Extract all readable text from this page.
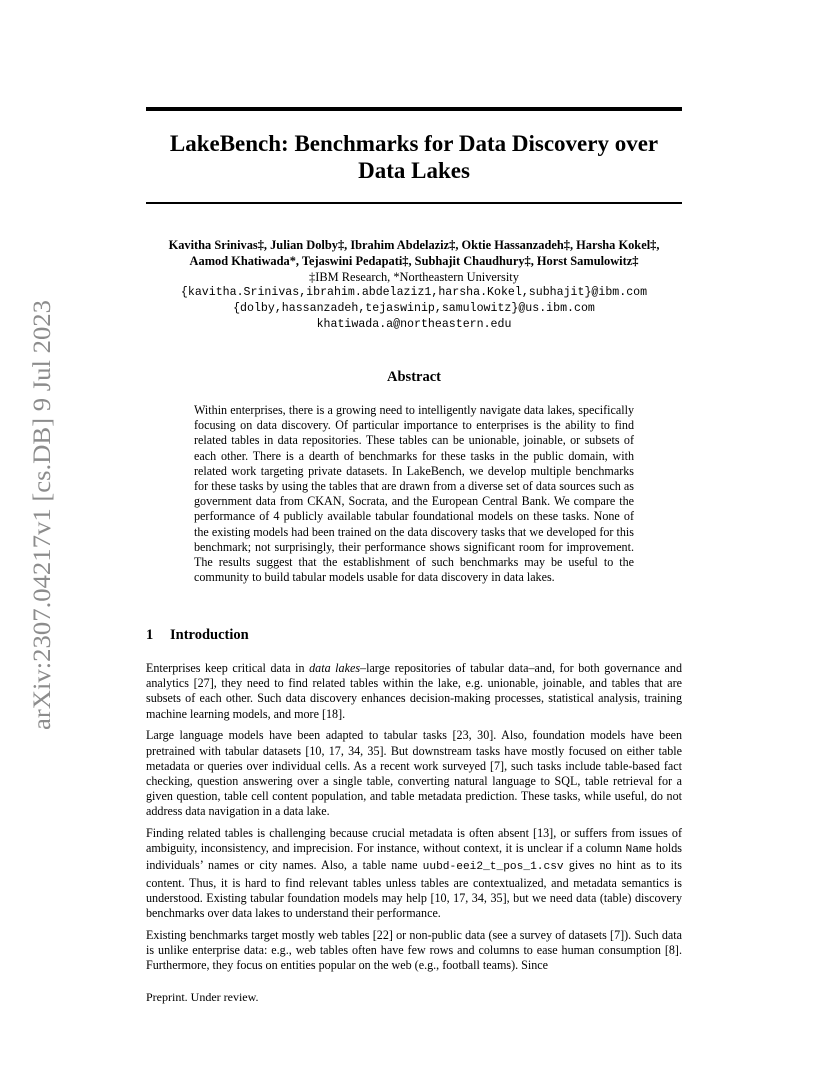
arXiv:2307.04217v1 [cs.DB] 9 Jul 2023
LakeBench: Benchmarks for Data Discovery over Data Lakes
Kavitha Srinivas‡, Julian Dolby‡, Ibrahim Abdelaziz‡, Oktie Hassanzadeh‡, Harsha Kokel‡,
Aamod Khatiwada*, Tejaswini Pedapati‡, Subhajit Chaudhury‡, Horst Samulowitz‡
‡IBM Research, *Northeastern University
{kavitha.Srinivas,ibrahim.abdelaziz1,harsha.Kokel,subhajit}@ibm.com
{dolby,hassanzadeh,tejaswinip,samulowitz}@us.ibm.com
khatiwada.a@northeastern.edu
Abstract
Within enterprises, there is a growing need to intelligently navigate data lakes, specifically focusing on data discovery. Of particular importance to enterprises is the ability to find related tables in data repositories. These tables can be unionable, joinable, or subsets of each other. There is a dearth of benchmarks for these tasks in the public domain, with related work targeting private datasets. In LakeBench, we develop multiple benchmarks for these tasks by using the tables that are drawn from a diverse set of data sources such as government data from CKAN, Socrata, and the European Central Bank. We compare the performance of 4 publicly available tabular foundational models on these tasks. None of the existing models had been trained on the data discovery tasks that we developed for this benchmark; not surprisingly, their performance shows significant room for improvement. The results suggest that the establishment of such benchmarks may be useful to the community to build tabular models usable for data discovery in data lakes.
1 Introduction

Enterprises keep critical data in data lakes–large repositories of tabular data–and, for both governance and analytics [27], they need to find related tables within the lake, e.g. unionable, joinable, and tables that are subsets of each other. Such data discovery enhances decision-making processes, statistical analysis, training machine learning models, and more [18].

Large language models have been adapted to tabular tasks [23, 30]. Also, foundation models have been pretrained with tabular datasets [10, 17, 34, 35]. But downstream tasks have mostly focused on either table metadata or queries over individual cells. As a recent work surveyed [7], such tasks include table-based fact checking, question answering over a single table, converting natural language to SQL, table retrieval for a given question, table cell content population, and table metadata prediction. These tasks, while useful, do not address data navigation in a data lake.

Finding related tables is challenging because crucial metadata is often absent [13], or suffers from issues of ambiguity, inconsistency, and imprecision. For instance, without context, it is unclear if a column Name holds individuals’ names or city names. Also, a table name uubd-eei2_t_pos_1.csv gives no hint as to its content. Thus, it is hard to find relevant tables unless tables are contextualized, and metadata semantics is understood. Existing tabular foundation models may help [10, 17, 34, 35], but we need data (table) discovery benchmarks over data lakes to understand their performance.

Existing benchmarks target mostly web tables [22] or non-public data (see a survey of datasets [7]). Such data is unlike enterprise data: e.g., web tables often have few rows and columns to ease human consumption [8]. Furthermore, they focus on entities popular on the web (e.g., football teams). Since

Preprint. Under review.
